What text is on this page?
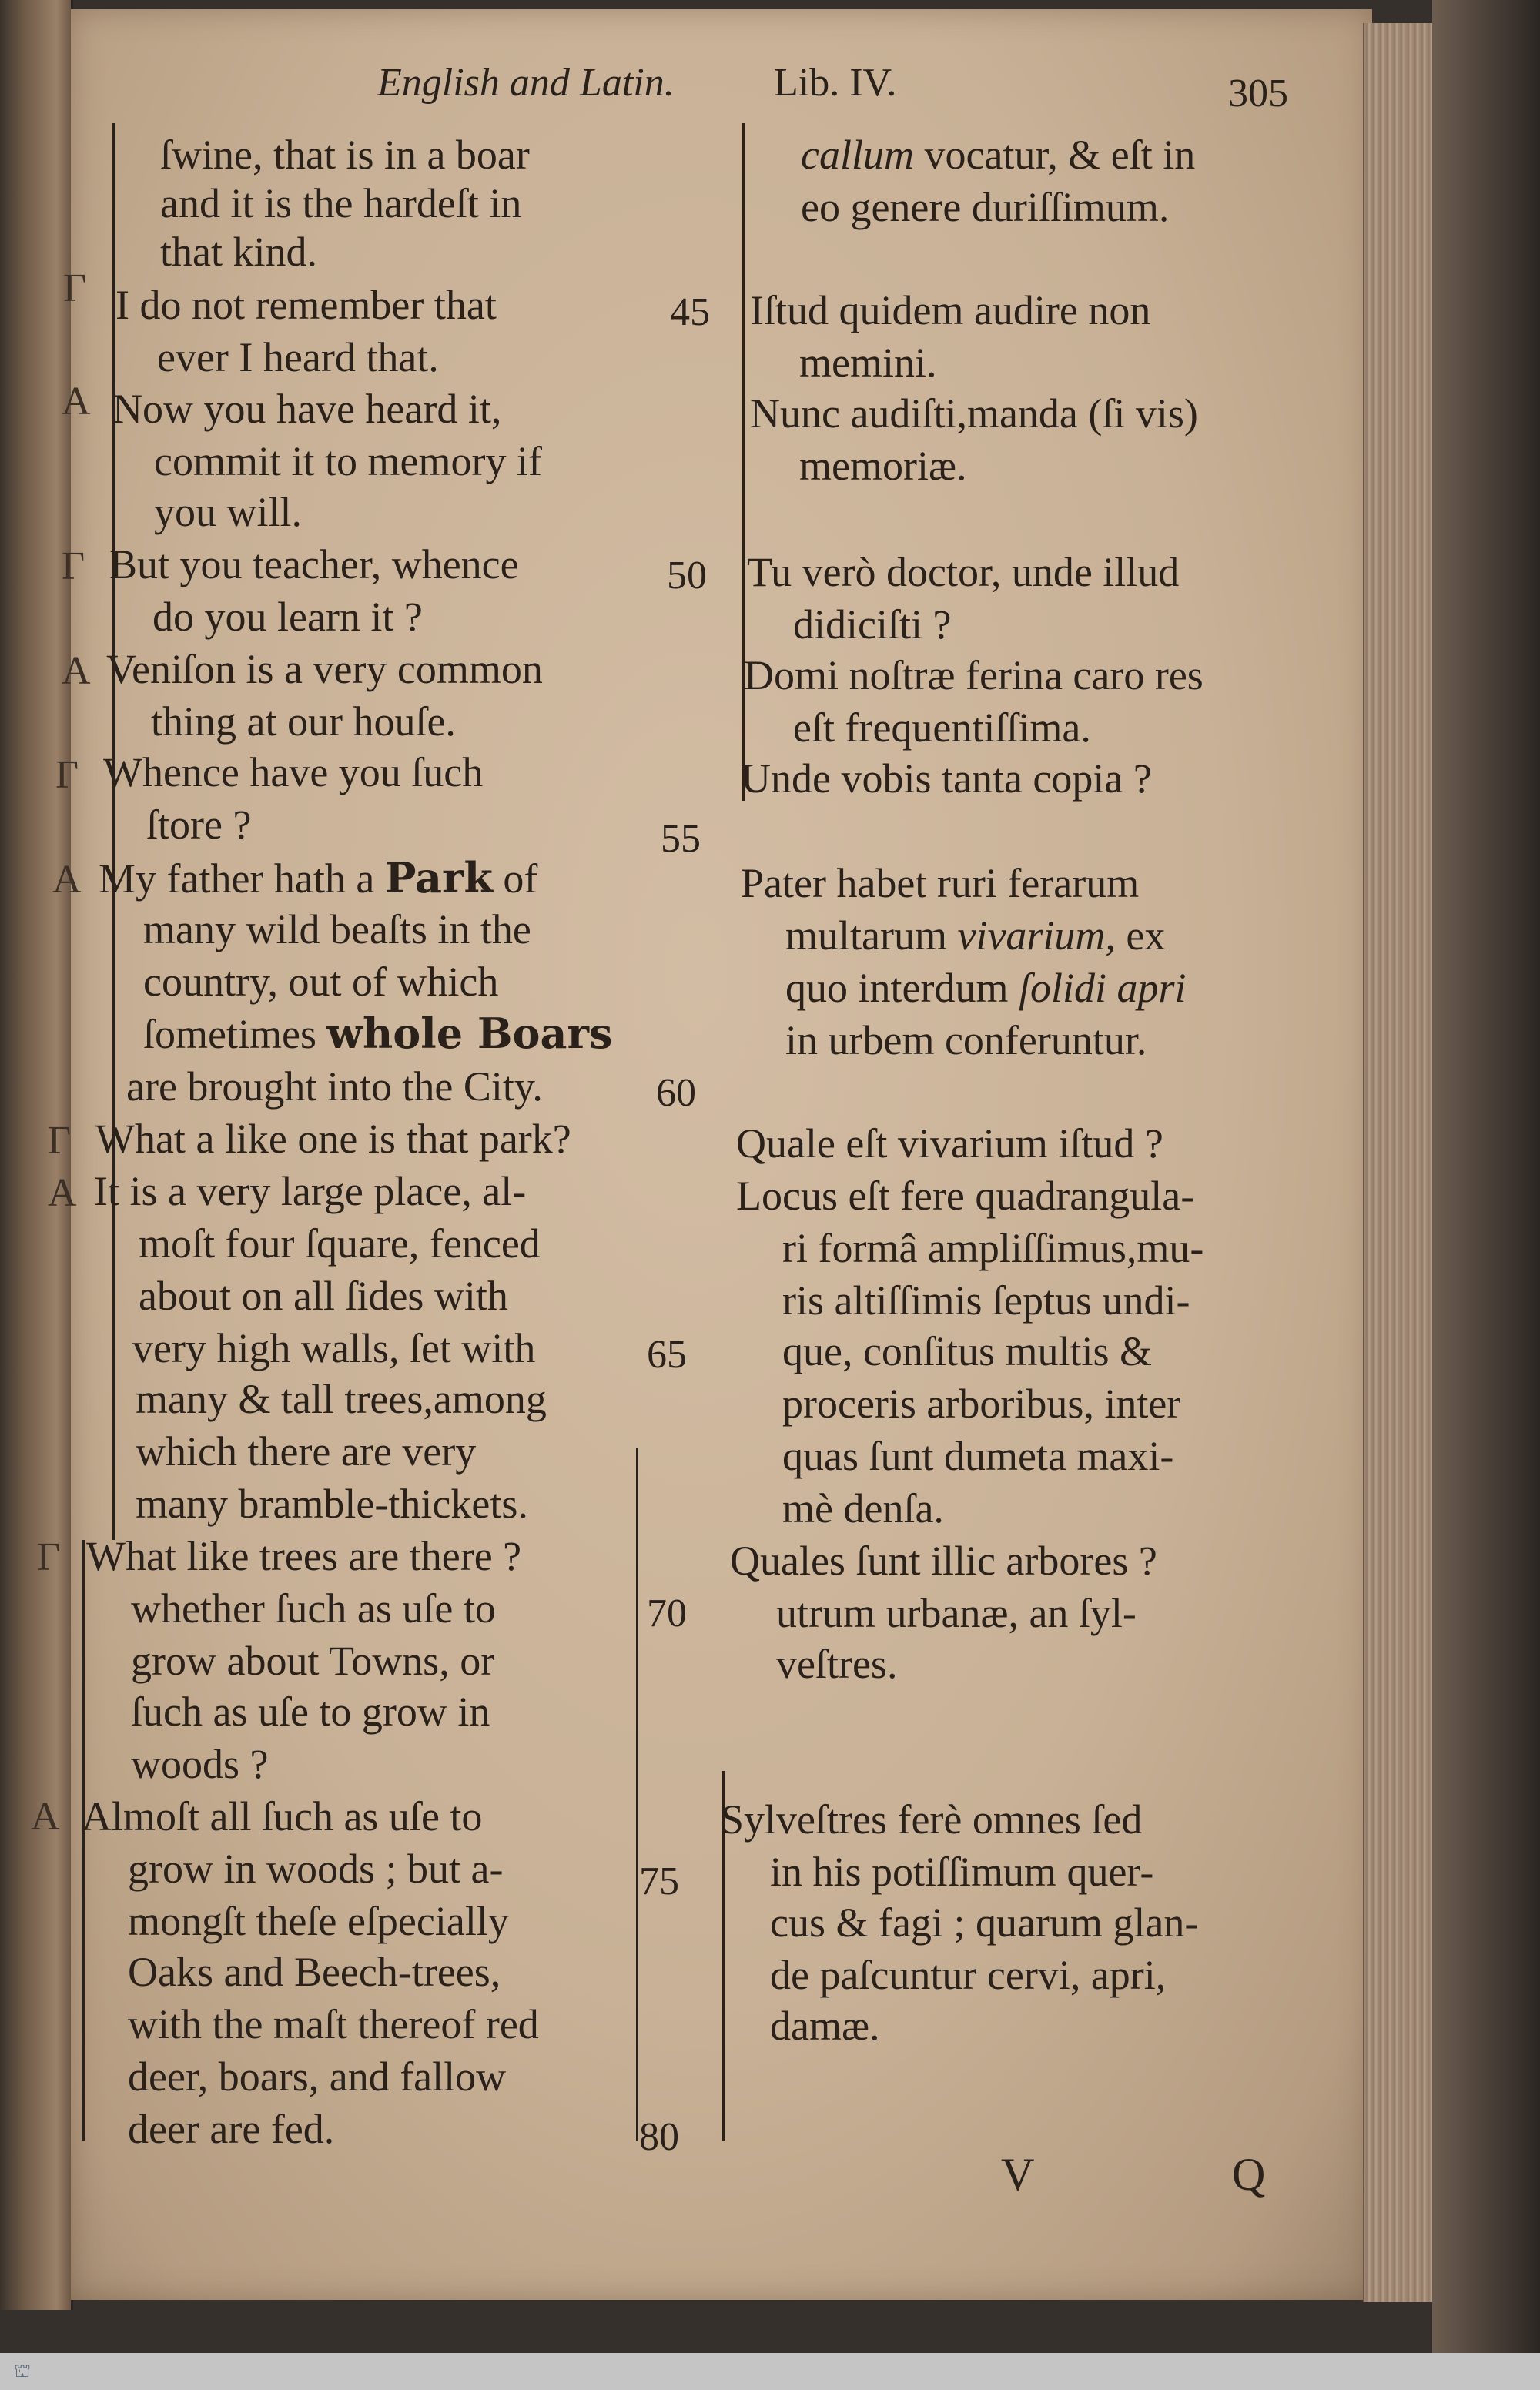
English and Latin. Lib. IV.	305
Γ
A
Γ
A
Γ
A
Γ
A
Γ
A
ſwine, that is in a boar
and it is the hardeſt in
that kind.
I do not remember that
ever I heard that.
Now you have heard it,
commit it to memory if
you will.
But you teacher, whence
do you learn it ?
Veniſon is a very common
thing at our houſe.
Whence have you ſuch
ſtore ?
My father hath a Park of
many wild beaſts in the
country, out of which
ſometimes whole Boars
are brought into the City.
What a like one is that park?
It is a very large place, al-
moſt four ſquare, fenced
about on all ſides with
very high walls, ſet with
many & tall trees,among
which there are very
many bramble-thickets.
What like trees are there ?
whether ſuch as uſe to
grow about Towns, or
ſuch as uſe to grow in
woods ?
Almoſt all ſuch as uſe to
grow in woods ; but a-
mongſt theſe eſpecially
Oaks and Beech-trees,
with the maſt thereof red
deer, boars, and fallow
deer are fed.
45
50
55
60
65
70
75
80
callum vocatur, & eſt in
eo genere duriſſimum.
Iſtud quidem audire non
memini.
Nunc audiſti,manda (ſi vis)
memoriæ.
Tu verò doctor, unde illud
didiciſti ?
Domi noſtræ ferina caro res
eſt frequentiſſima.
Unde vobis tanta copia ?
Pater habet ruri ferarum
multarum vivarium, ex
quo interdum ſolidi apri
in urbem conferuntur.
Quale eſt vivarium iſtud ?
Locus eſt fere quadrangula-
ri formâ ampliſſimus,mu-
ris altiſſimis ſeptus undi-
que, conſitus multis &
proceris arboribus, inter
quas ſunt dumeta maxi-
mè denſa.
Quales ſunt illic arbores ?
utrum urbanæ, an ſyl-
veſtres.
Sylveſtres ferè omnes ſed
in his potiſſimum quer-
cus & fagi ; quarum glan-
de paſcuntur cervi, apri,
damæ.
V	Q
⛫
